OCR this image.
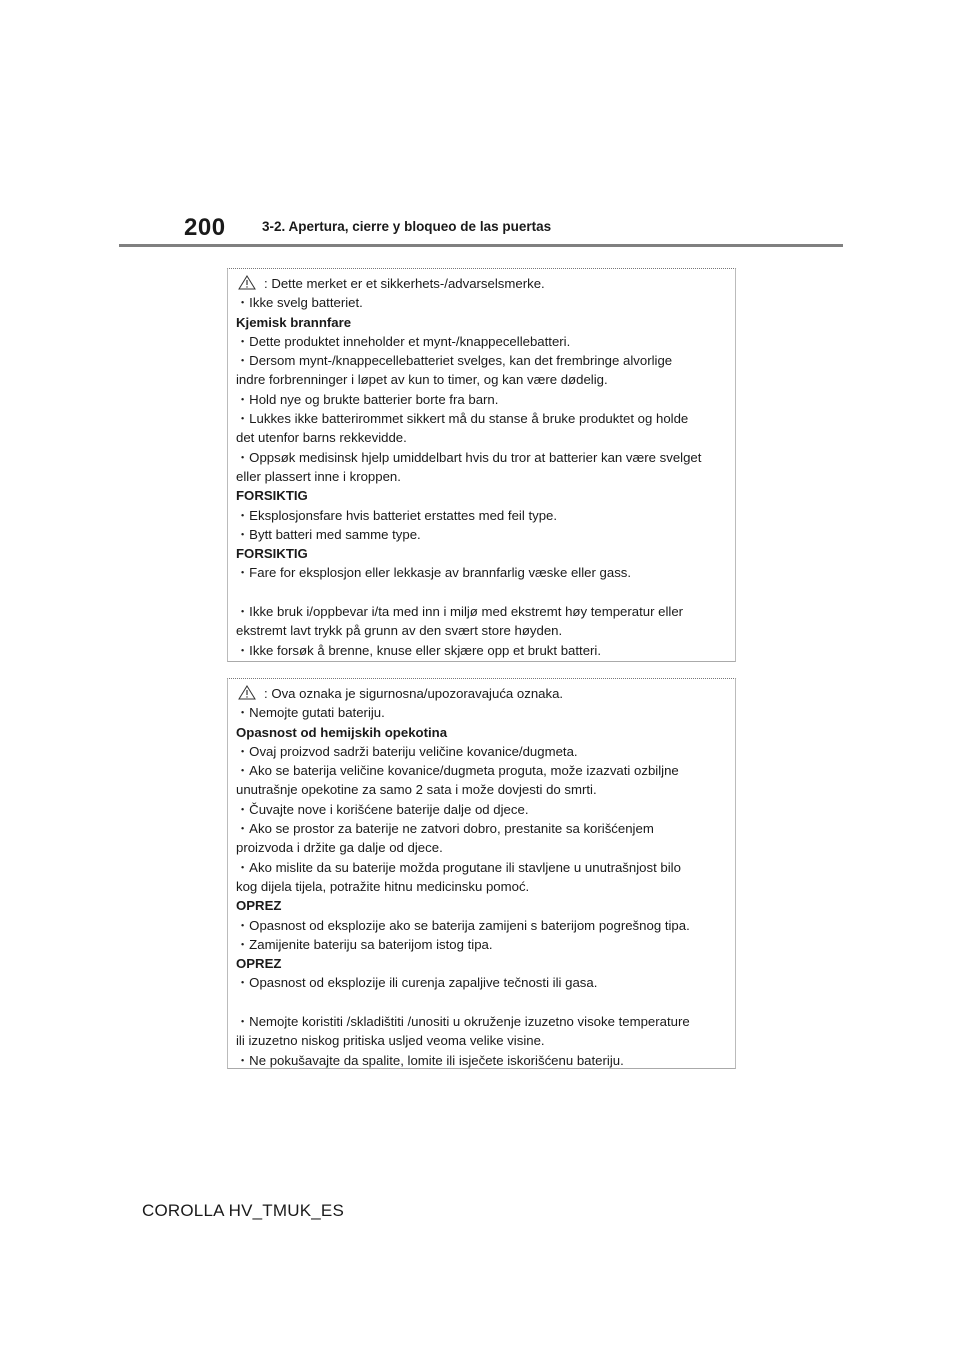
200	3-2. Apertura, cierre y bloqueo de las puertas
: Dette merket er et sikkerhets-/advarselsmerke.
・Ikke svelg batteriet.
Kjemisk brannfare
・Dette produktet inneholder et mynt-/knappecellebatteri.
・Dersom mynt-/knappecellebatteriet svelges, kan det frembringe alvorlige
indre forbrenninger i løpet av kun to timer, og kan være dødelig.
・Hold nye og brukte batterier borte fra barn.
・Lukkes ikke batterirommet sikkert må du stanse å bruke produktet og holde
det utenfor barns rekkevidde.
・Oppsøk medisinsk hjelp umiddelbart hvis du tror at batterier kan være svelget
eller plassert inne i kroppen.
FORSIKTIG
・Eksplosjonsfare hvis batteriet erstattes med feil type.
・Bytt batteri med samme type.
FORSIKTIG
・Fare for eksplosjon eller lekkasje av brannfarlig væske eller gass.
・Ikke bruk i/oppbevar i/ta med inn i miljø med ekstremt høy temperatur eller
ekstremt lavt trykk på grunn av den svært store høyden.
・Ikke forsøk å brenne, knuse eller skjære opp et brukt batteri.
: Ova oznaka je sigurnosna/upozoravajuća oznaka.
・Nemojte gutati bateriju.
Opasnost od hemijskih opekotina
・Ovaj proizvod sadrži bateriju veličine kovanice/dugmeta.
・Ako se baterija veličine kovanice/dugmeta proguta, može izazvati ozbiljne
unutrašnje opekotine za samo 2 sata i može dovjesti do smrti.
・Čuvajte nove i korišćene baterije dalje od djece.
・Ako se prostor za baterije ne zatvori dobro, prestanite sa korišćenjem
proizvoda i držite ga dalje od djece.
・Ako mislite da su baterije možda progutane ili stavljene u unutrašnjost bilo
kog dijela tijela, potražite hitnu medicinsku pomoć.
OPREZ
・Opasnost od eksplozije ako se baterija zamijeni s baterijom pogrešnog tipa.
・Zamijenite bateriju sa baterijom istog tipa.
OPREZ
・Opasnost od eksplozije ili curenja zapaljive tečnosti ili gasa.
・Nemojte koristiti /skladištiti /unositi u okruženje izuzetno visoke temperature
ili izuzetno niskog pritiska usljed veoma velike visine.
・Ne pokušavajte da spalite, lomite ili isječete iskorišćenu bateriju.
COROLLA HV_TMUK_ES
